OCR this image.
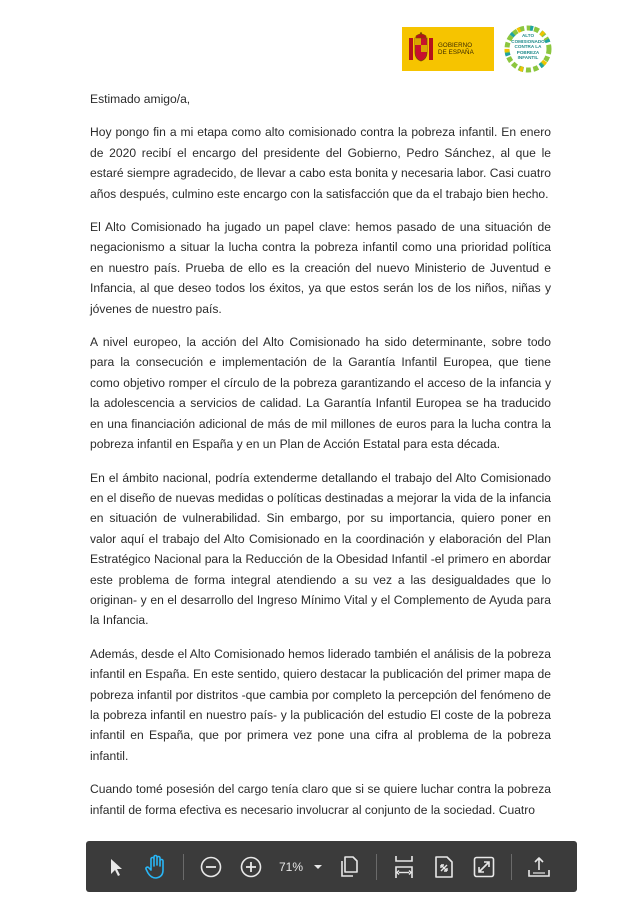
GOBIERNO
DE ESPAÑA
ALTO COMISIONADO CONTRA LA POBREZA INFANTIL

Estimado amigo/a,

Hoy pongo fin a mi etapa como alto comisionado contra la pobreza infantil. En enero de 2020 recibí el encargo del presidente del Gobierno, Pedro Sánchez, al que le estaré siempre agradecido, de llevar a cabo esta bonita y necesaria labor. Casi cuatro años después, culmino este encargo con la satisfacción que da el trabajo bien hecho.

El Alto Comisionado ha jugado un papel clave: hemos pasado de una situación de negacionismo a situar la lucha contra la pobreza infantil como una prioridad política en nuestro país. Prueba de ello es la creación del nuevo Ministerio de Juventud e Infancia, al que deseo todos los éxitos, ya que estos serán los de los niños, niñas y jóvenes de nuestro país.

A nivel europeo, la acción del Alto Comisionado ha sido determinante, sobre todo para la consecución e implementación de la Garantía Infantil Europea, que tiene como objetivo romper el círculo de la pobreza garantizando el acceso de la infancia y la adolescencia a servicios de calidad. La Garantía Infantil Europea se ha traducido en una financiación adicional de más de mil millones de euros para la lucha contra la pobreza infantil en España y en un Plan de Acción Estatal para esta década.

En el ámbito nacional, podría extenderme detallando el trabajo del Alto Comisionado en el diseño de nuevas medidas o políticas destinadas a mejorar la vida de la infancia en situación de vulnerabilidad. Sin embargo, por su importancia, quiero poner en valor aquí el trabajo del Alto Comisionado en la coordinación y elaboración del Plan Estratégico Nacional para la Reducción de la Obesidad Infantil -el primero en abordar este problema de forma integral atendiendo a su vez a las desigualdades que lo originan- y en el desarrollo del Ingreso Mínimo Vital y el Complemento de Ayuda para la Infancia.

Además, desde el Alto Comisionado hemos liderado también el análisis de la pobreza infantil en España. En este sentido, quiero destacar la publicación del primer mapa de pobreza infantil por distritos -que cambia por completo la percepción del fenómeno de la pobreza infantil en nuestro país- y la publicación del estudio El coste de la pobreza infantil en España, que por primera vez pone una cifra al problema de la pobreza infantil.

Cuando tomé posesión del cargo tenía claro que si se quiere luchar contra la pobreza infantil de forma efectiva es necesario involucrar al conjunto de la sociedad. Cuatro

71%
